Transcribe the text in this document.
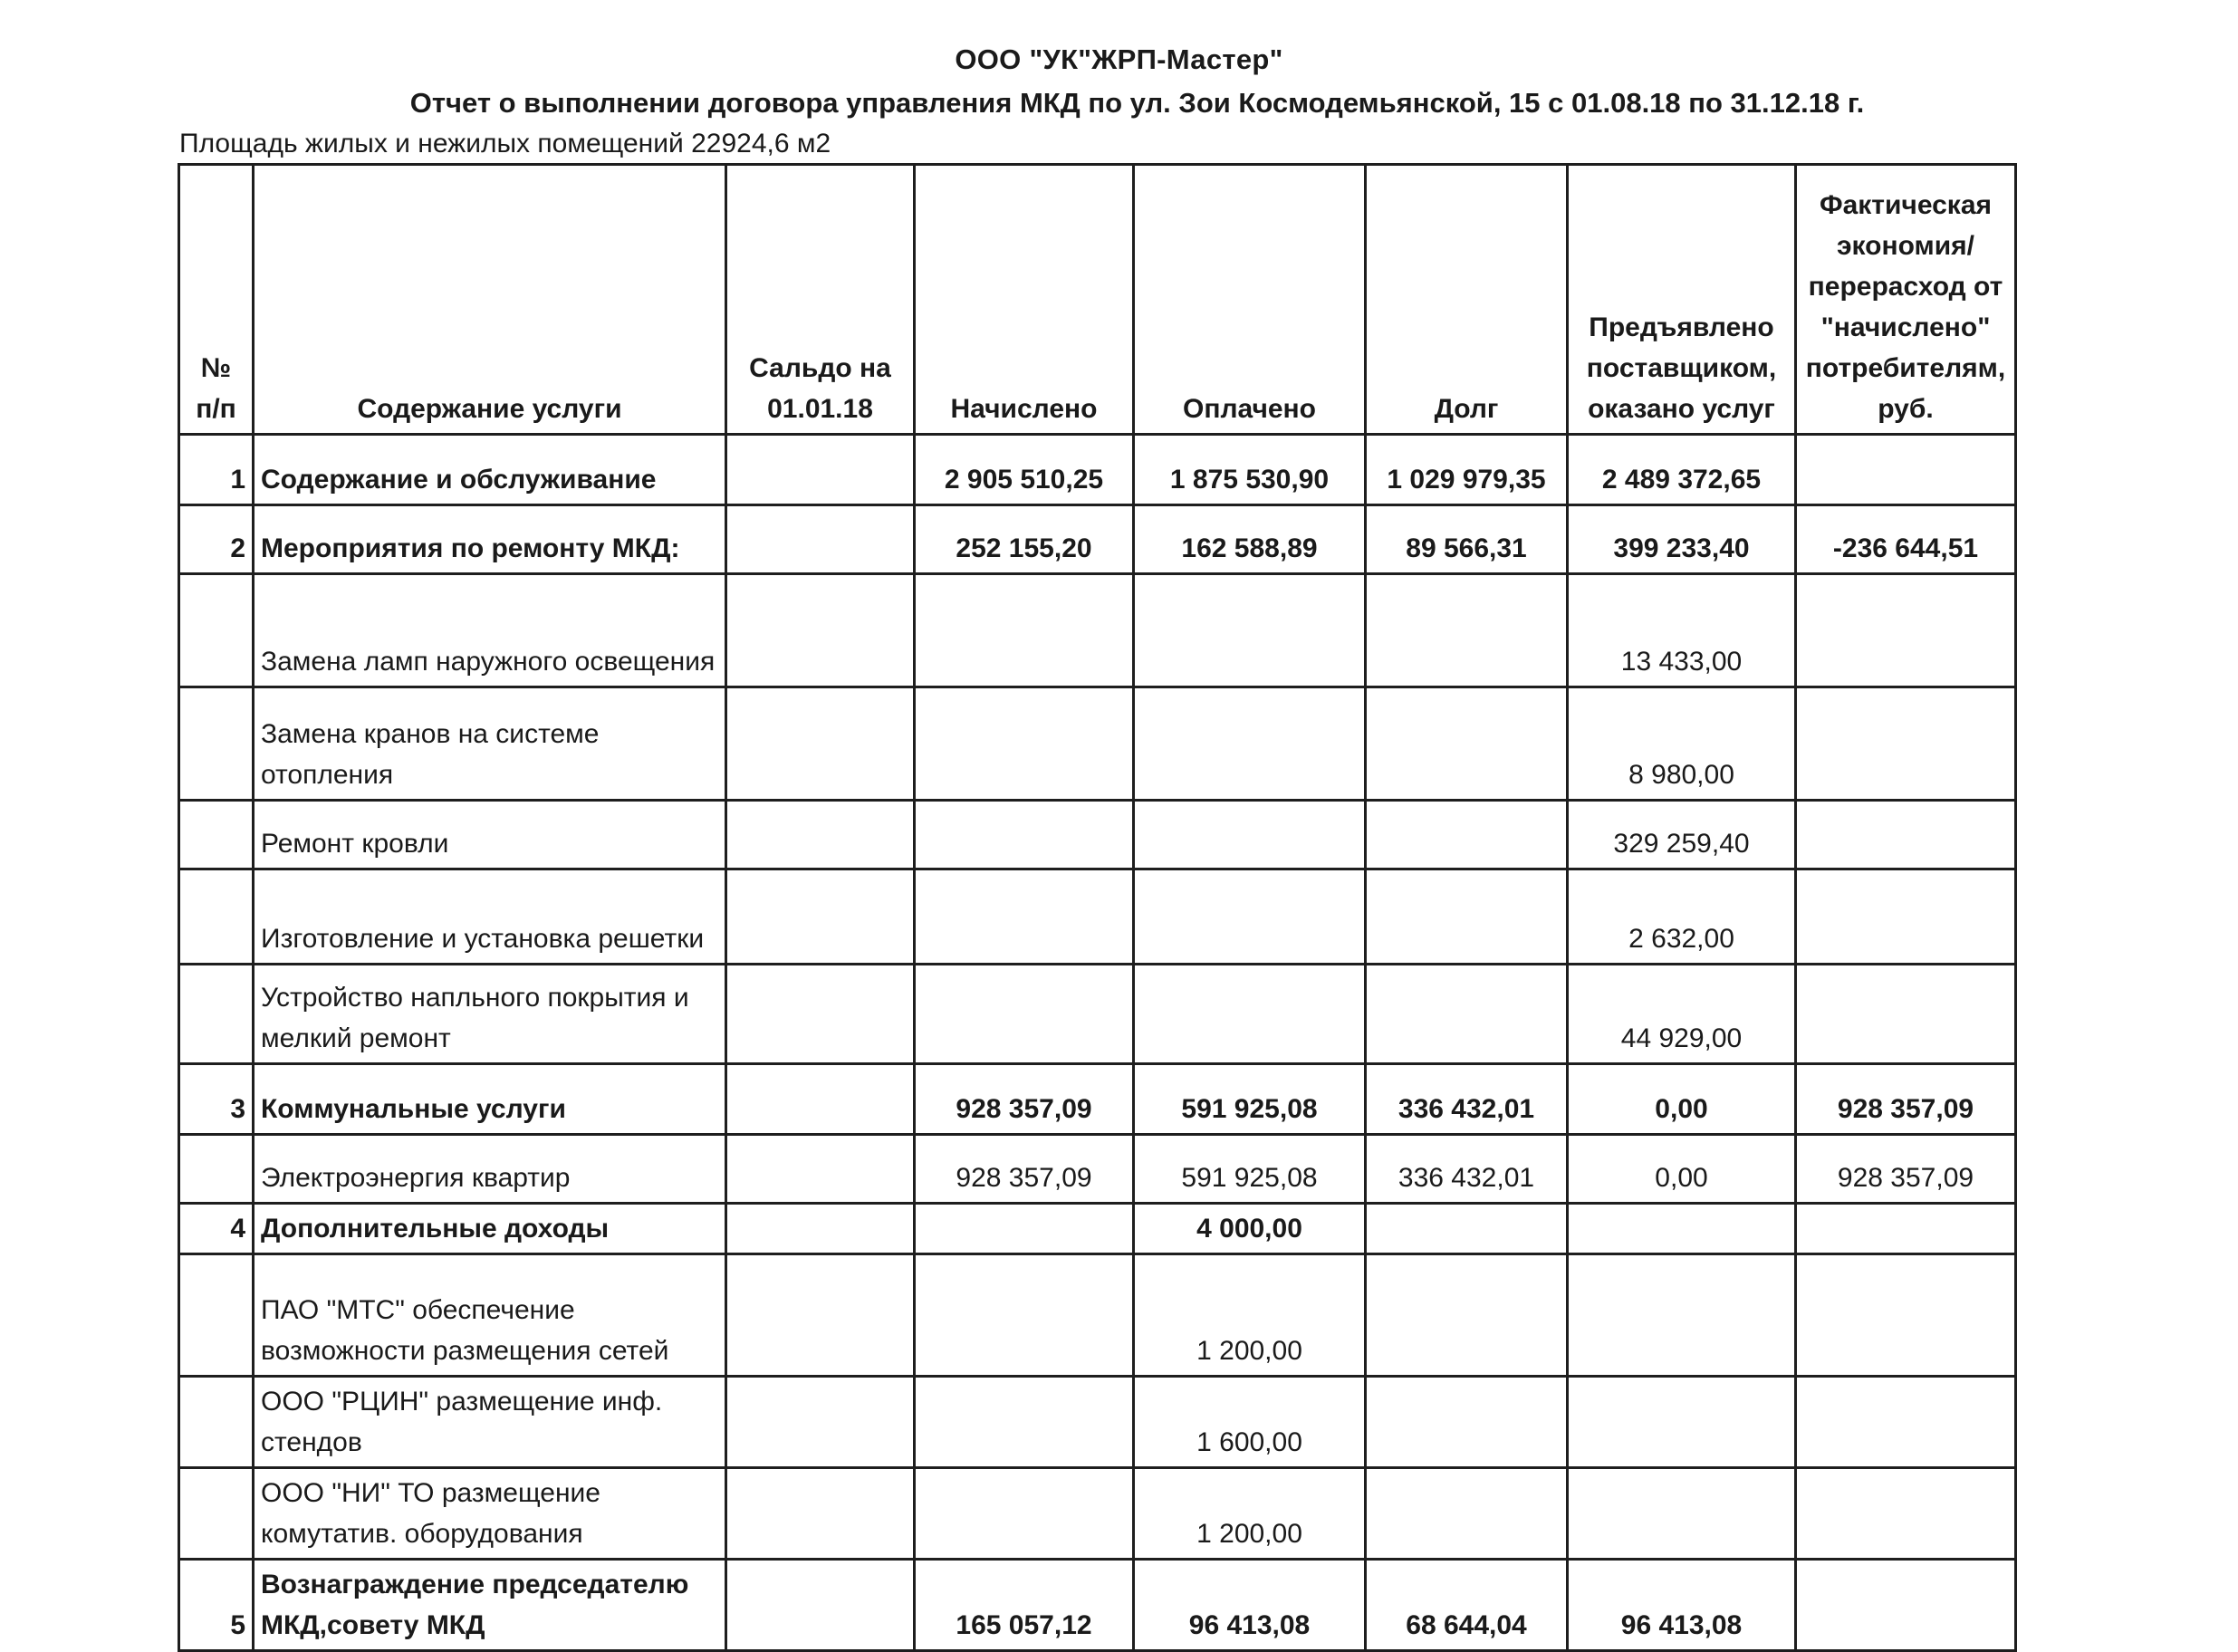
ООО "УК"ЖРП-Мастер"
Отчет о выполнении договора управления МКД по ул. Зои Космодемьянской, 15 с 01.08.18 по 31.12.18 г.
Площадь жилых и нежилых помещений 22924,6 м2
№ п/п	Содержание услуги	Сальдо на 01.01.18	Начислено	Оплачено	Долг	Предъявлено поставщиком, оказано услуг	Фактическая экономия/перерасход от "начислено" потребителям, руб.
1	Содержание и обслуживание		2 905 510,25	1 875 530,90	1 029 979,35	2 489 372,65	
2	Мероприятия по ремонту МКД:		252 155,20	162 588,89	89 566,31	399 233,40	-236 644,51
	Замена ламп наружного освещения					13 433,00	
	Замена кранов на системе отопления					8 980,00	
	Ремонт кровли					329 259,40	
	Изготовление и установка решетки					2 632,00	
	Устройство напльного покрытия и мелкий ремонт					44 929,00	
3	Коммунальные услуги		928 357,09	591 925,08	336 432,01	0,00	928 357,09
	Электроэнергия квартир		928 357,09	591 925,08	336 432,01	0,00	928 357,09
4	Дополнительные доходы			4 000,00			
	ПАО "МТС" обеспечение возможности размещения сетей			1 200,00			
	ООО "РЦИН" размещение инф. стендов			1 600,00			
	ООО "НИ" ТО размещение комутатив. оборудования			1 200,00			
5	Вознаграждение председателю МКД,совету МКД		165 057,12	96 413,08	68 644,04	96 413,08	
